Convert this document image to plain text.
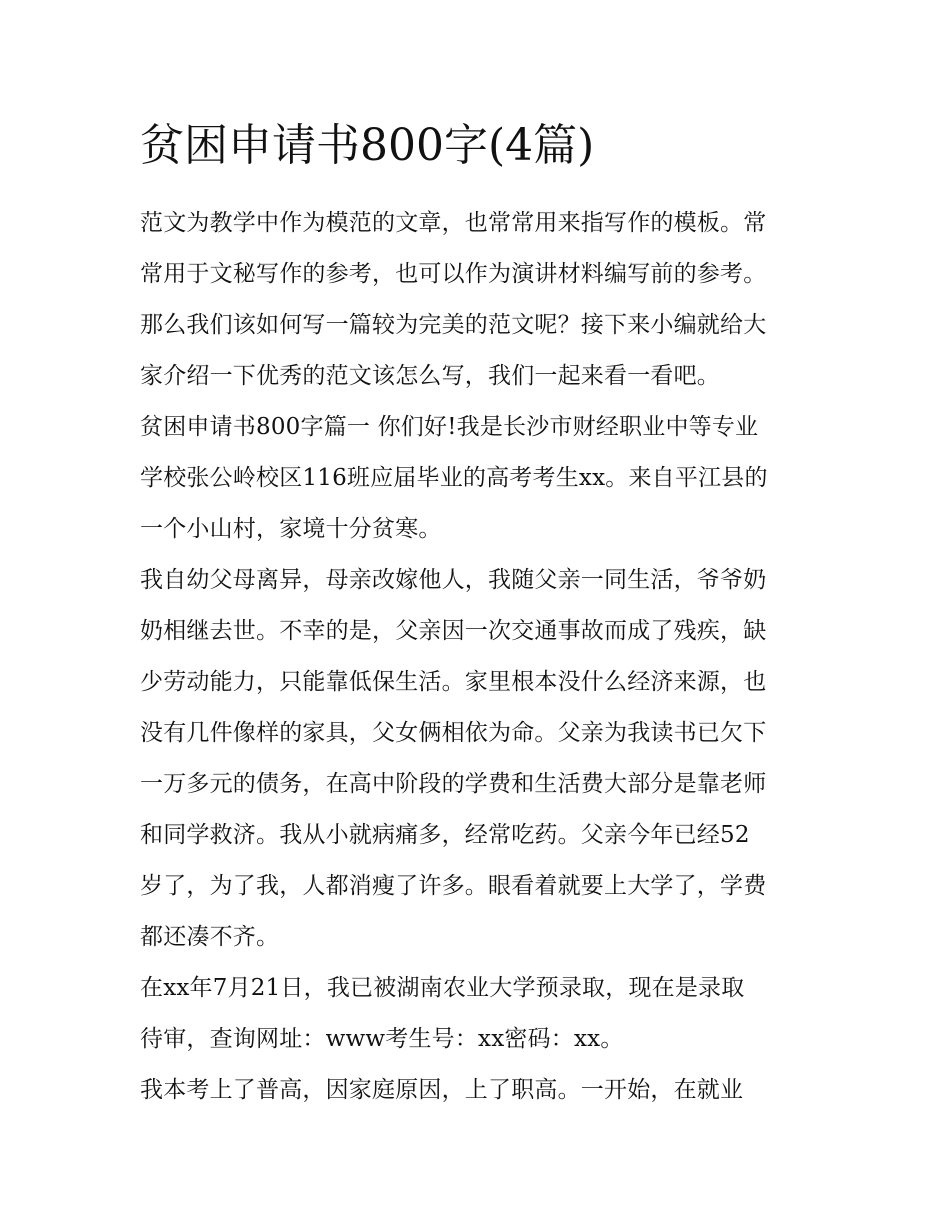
贫困申请书800字(4篇)
范文为教学中作为模范的文章，也常常用来指写作的模板。常
常用于文秘写作的参考，也可以作为演讲材料编写前的参考。
那么我们该如何写一篇较为完美的范文呢？接下来小编就给大
家介绍一下优秀的范文该怎么写，我们一起来看一看吧。
贫困申请书800字篇一 你们好!我是长沙市财经职业中等专业
学校张公岭校区116班应届毕业的高考考生xx。来自平江县的
一个小山村，家境十分贫寒。
我自幼父母离异，母亲改嫁他人，我随父亲一同生活，爷爷奶
奶相继去世。不幸的是，父亲因一次交通事故而成了残疾，缺
少劳动能力，只能靠低保生活。家里根本没什么经济来源，也
没有几件像样的家具，父女俩相依为命。父亲为我读书已欠下
一万多元的债务，在高中阶段的学费和生活费大部分是靠老师
和同学救济。我从小就病痛多，经常吃药。父亲今年已经52
岁了，为了我，人都消瘦了许多。眼看着就要上大学了，学费
都还凑不齐。
在xx年7月21日，我已被湖南农业大学预录取，现在是录取
待审，查询网址：www考生号：xx密码：xx。
我本考上了普高，因家庭原因，上了职高。一开始，在就业
